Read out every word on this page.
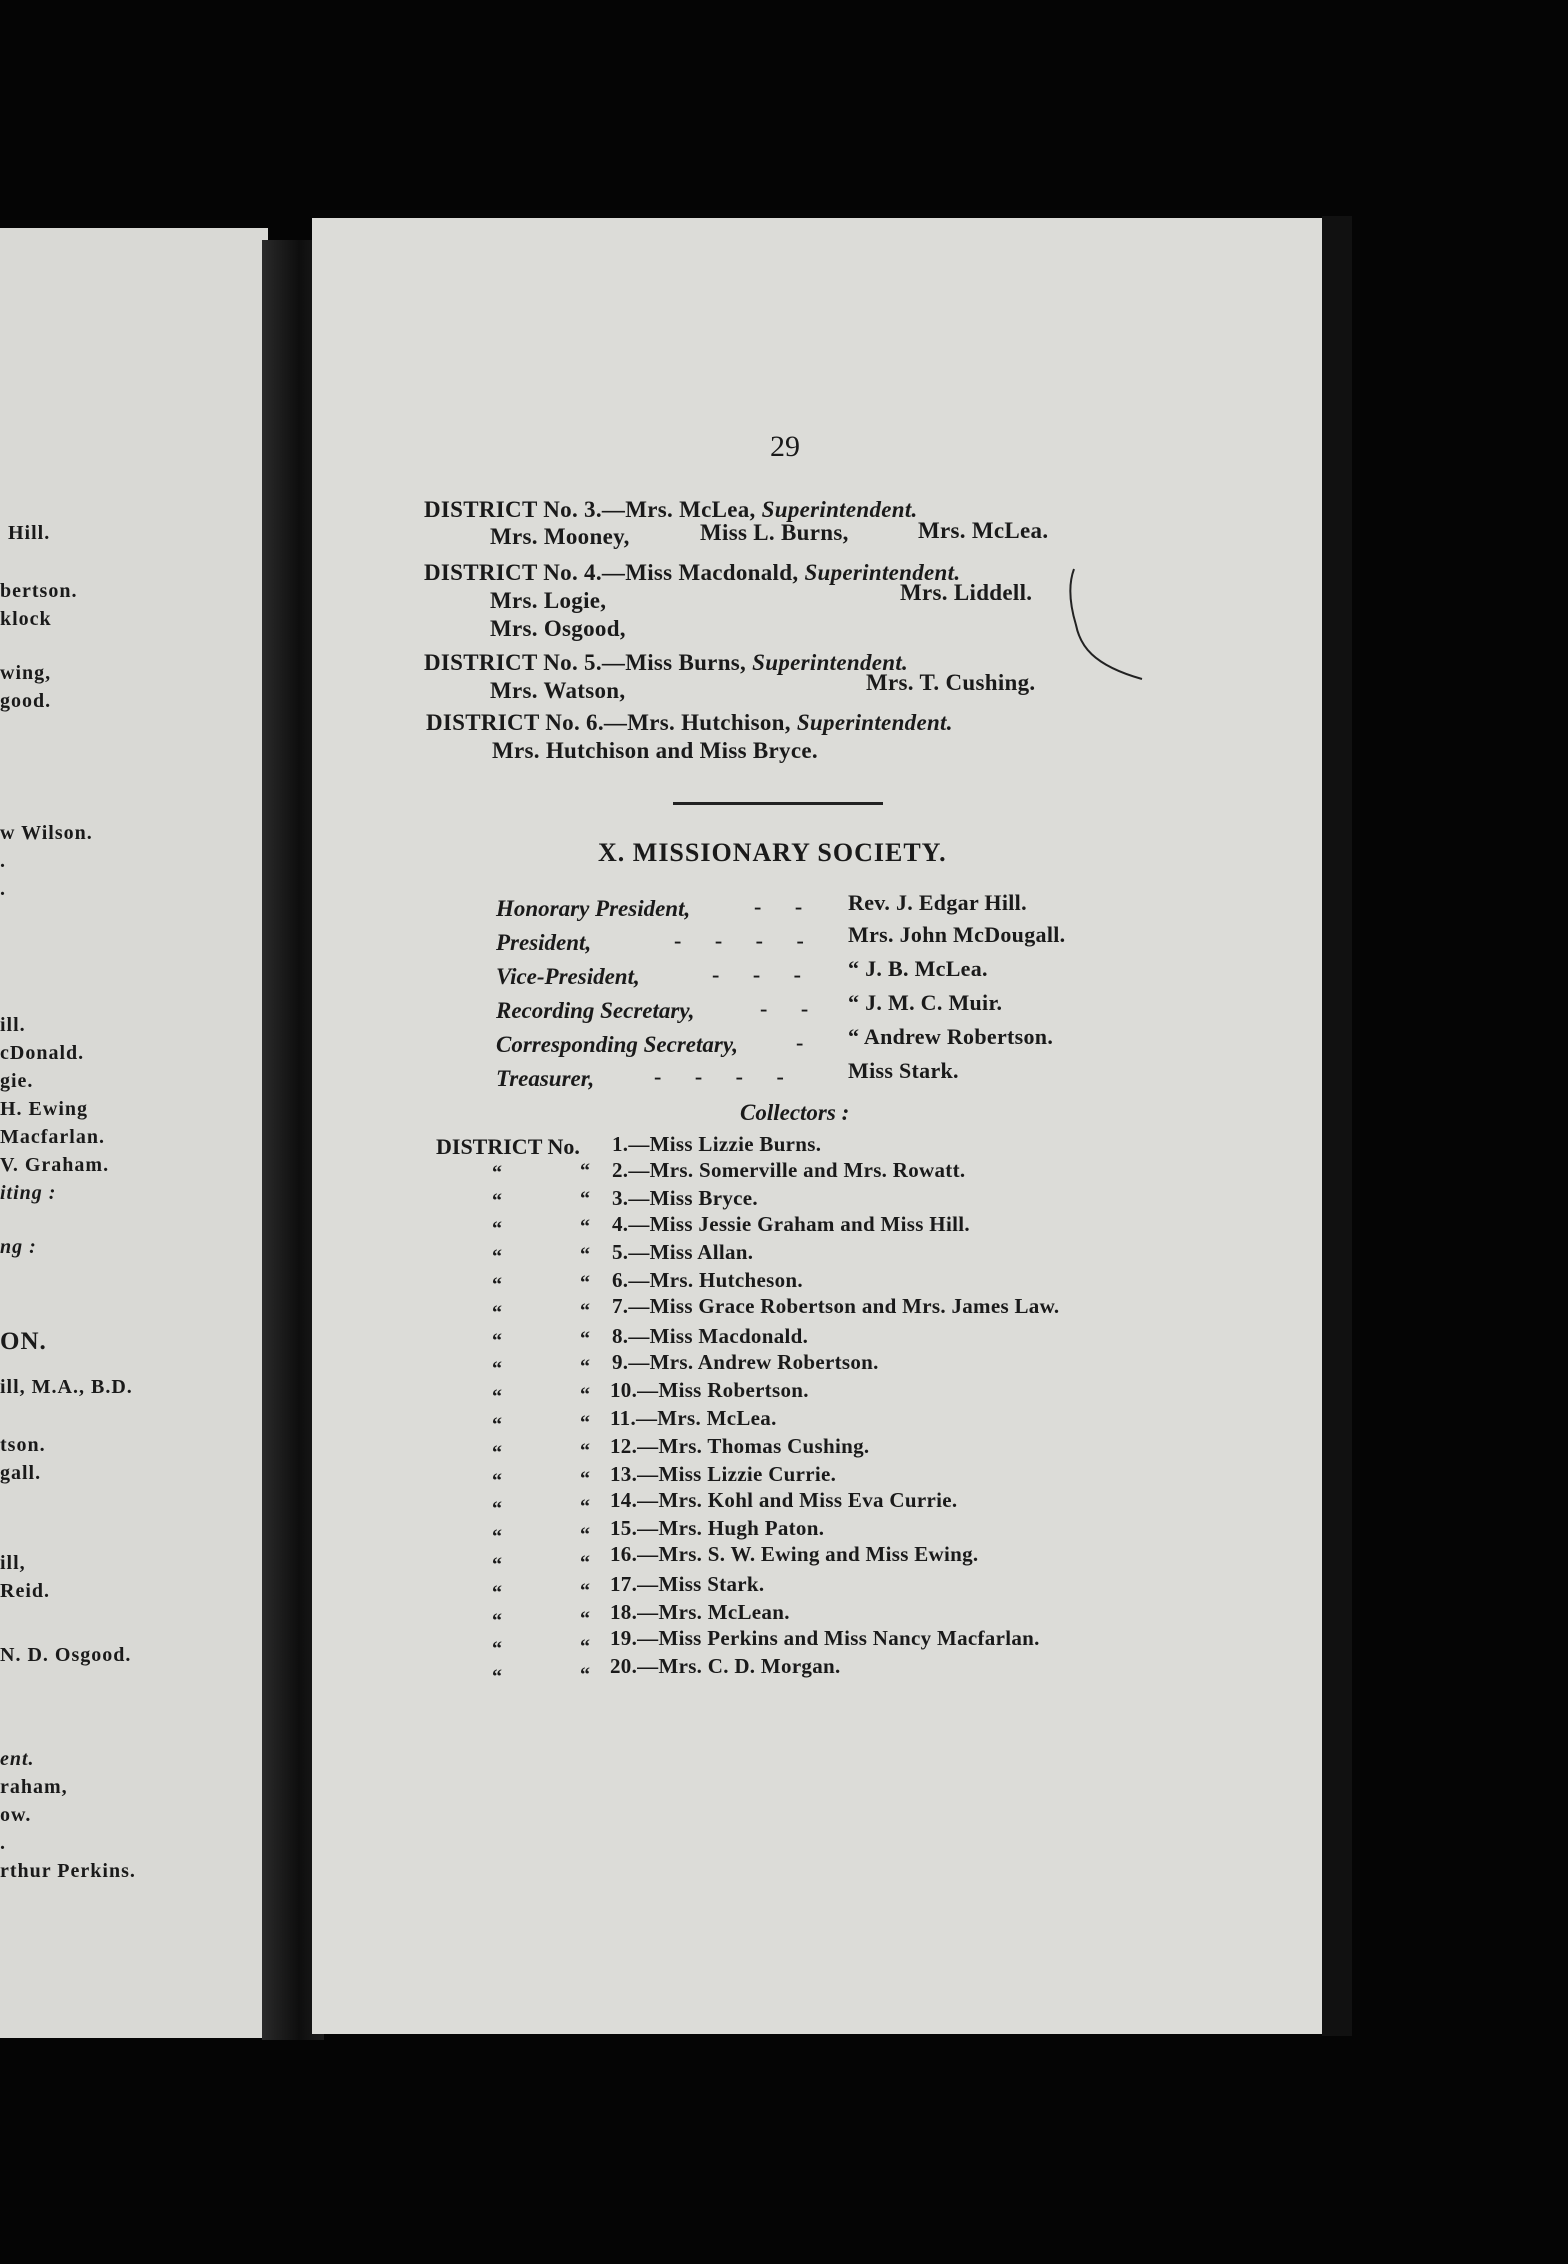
Hill.
bertson.
klock
wing,
good.
w Wilson.
.
.
ill.
cDonald.
gie.
H. Ewing
Macfarlan.
V. Graham.
iting :
ng :
ON.
ill, M.A., B.D.
tson.
gall.
ill,
Reid.
N. D. Osgood.
ent.
raham,
ow.
.
rthur Perkins.
29
DISTRICT No. 3.—Mrs. McLea, Superintendent.
Mrs. Mooney,	Miss L. Burns,	Mrs. McLea.
DISTRICT No. 4.—Miss Macdonald, Superintendent.
Mrs. Logie,	Mrs. Liddell.
Mrs. Osgood,
DISTRICT No. 5.—Miss Burns, Superintendent.
Mrs. Watson,	Mrs. T. Cushing.
DISTRICT No. 6.—Mrs. Hutchison, Superintendent.
Mrs. Hutchison and Miss Bryce.
X. MISSIONARY SOCIETY.
Honorary President,	- - Rev. J. Edgar Hill.
President,	- - - - Mrs. John McDougall.
Vice-President,	- - - “ J. B. McLea.
Recording Secretary,	- - “ J. M. C. Muir.
Corresponding Secretary,	- “ Andrew Robertson.
Treasurer,	- - - - Miss Stark.
Collectors :
DISTRICT No. 1.—Miss Lizzie Burns.
“	“ 2.—Mrs. Somerville and Mrs. Rowatt.
“	“ 3.—Miss Bryce.
“	“ 4.—Miss Jessie Graham and Miss Hill.
“	“ 5.—Miss Allan.
“	“ 6.—Mrs. Hutcheson.
“	“ 7.—Miss Grace Robertson and Mrs. James Law.
“	“ 8.—Miss Macdonald.
“	“ 9.—Mrs. Andrew Robertson.
“	“ 10.—Miss Robertson.
“	“ 11.—Mrs. McLea.
“	“ 12.—Mrs. Thomas Cushing.
“	“ 13.—Miss Lizzie Currie.
“	“ 14.—Mrs. Kohl and Miss Eva Currie.
“	“ 15.—Mrs. Hugh Paton.
“	“ 16.—Mrs. S. W. Ewing and Miss Ewing.
“	“ 17.—Miss Stark.
“	“ 18.—Mrs. McLean.
“	“ 19.—Miss Perkins and Miss Nancy Macfarlan.
“	“ 20.—Mrs. C. D. Morgan.
